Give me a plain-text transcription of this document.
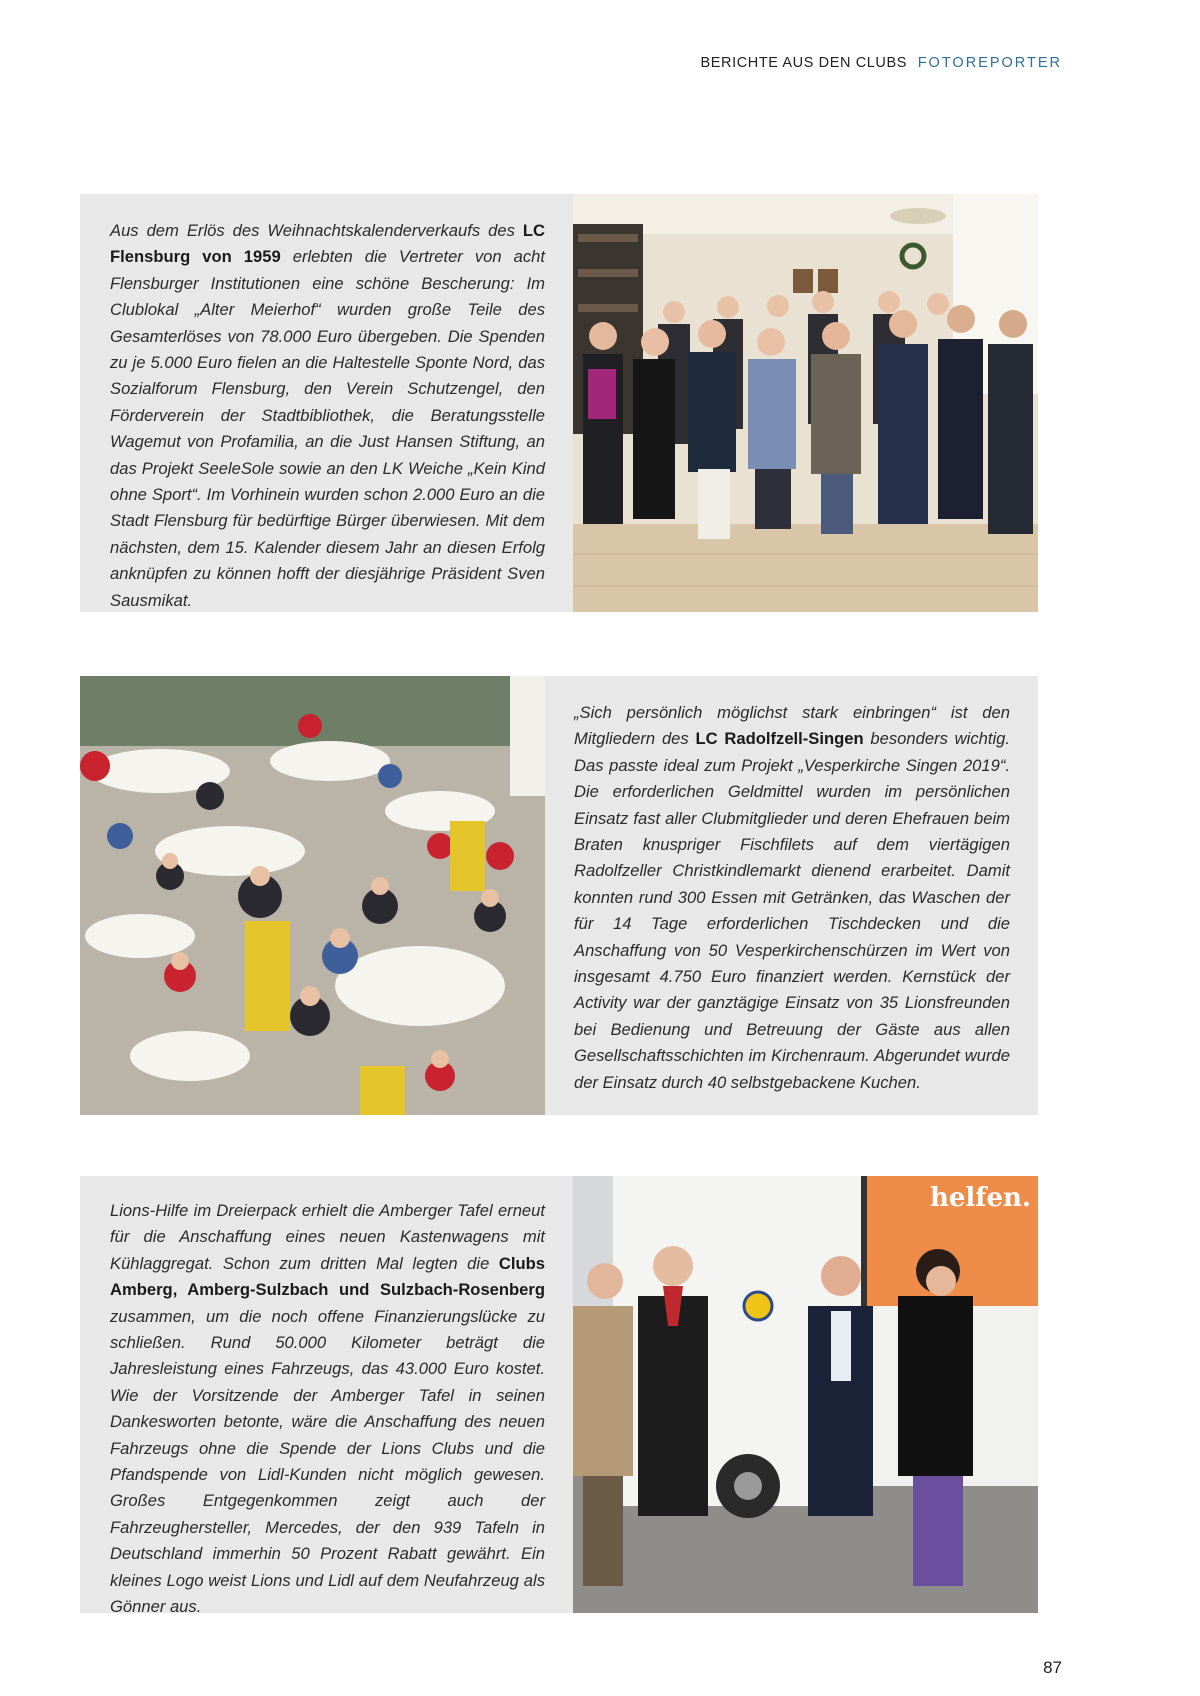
BERICHTE AUS DEN CLUBS FOTOREPORTER
Aus dem Erlös des Weihnachtskalenderverkaufs des LC Flensburg von 1959 erlebten die Vertreter von acht Flensburger Institutionen eine schöne Bescherung: Im Clublokal „Alter Meierhof“ wurden große Teile des Gesamterlöses von 78.000 Euro übergeben. Die Spenden zu je 5.000 Euro fielen an die Haltestelle Sponte Nord, das Sozialforum Flensburg, den Verein Schutzengel, den Förderverein der Stadtbibliothek, die Beratungsstelle Wagemut von Profamilia, an die Just Hansen Stiftung, an das Projekt SeeleSole sowie an den LK Weiche „Kein Kind ohne Sport“. Im Vorhinein wurden schon 2.000 Euro an die Stadt Flensburg für bedürftige Bürger überwiesen. Mit dem nächsten, dem 15. Kalender diesem Jahr an diesen Erfolg anknüpfen zu können hofft der diesjährige Präsident Sven Sausmikat.
„Sich persönlich möglichst stark einbringen“ ist den Mitgliedern des LC Radolfzell-Singen besonders wichtig. Das passte ideal zum Projekt „Vesperkirche Singen 2019“. Die erforderlichen Geldmittel wurden im persönlichen Einsatz fast aller Clubmitglieder und deren Ehefrauen beim Braten knuspriger Fischfilets auf dem viertägigen Radolfzeller Christkindlemarkt dienend erarbeitet. Damit konnten rund 300 Essen mit Getränken, das Waschen der für 14 Tage erforderlichen Tischdecken und die Anschaffung von 50 Vesperkirchenschürzen im Wert von insgesamt 4.750 Euro finanziert werden. Kernstück der Activity war der ganztägige Einsatz von 35 Lionsfreunden bei Bedienung und Betreuung der Gäste aus allen Gesellschaftsschichten im Kirchenraum. Abgerundet wurde der Einsatz durch 40 selbstgebackene Kuchen.
Lions-Hilfe im Dreierpack erhielt die Amberger Tafel erneut für die Anschaffung eines neuen Kastenwagens mit Kühlaggregat. Schon zum dritten Mal legten die Clubs Amberg, Amberg-Sulzbach und Sulzbach-Rosenberg zusammen, um die noch offene Finanzierungslücke zu schließen. Rund 50.000 Kilometer beträgt die Jahresleistung eines Fahrzeugs, das 43.000 Euro kostet. Wie der Vorsitzende der Amberger Tafel in seinen Dankesworten betonte, wäre die Anschaffung des neuen Fahrzeugs ohne die Spende der Lions Clubs und die Pfandspende von Lidl-Kunden nicht möglich gewesen. Großes Entgegenkommen zeigt auch der Fahrzeughersteller, Mercedes, der den 939 Tafeln in Deutschland immerhin 50 Prozent Rabatt gewährt. Ein kleines Logo weist Lions und Lidl auf dem Neufahrzeug als Gönner aus.
helfen.
87
